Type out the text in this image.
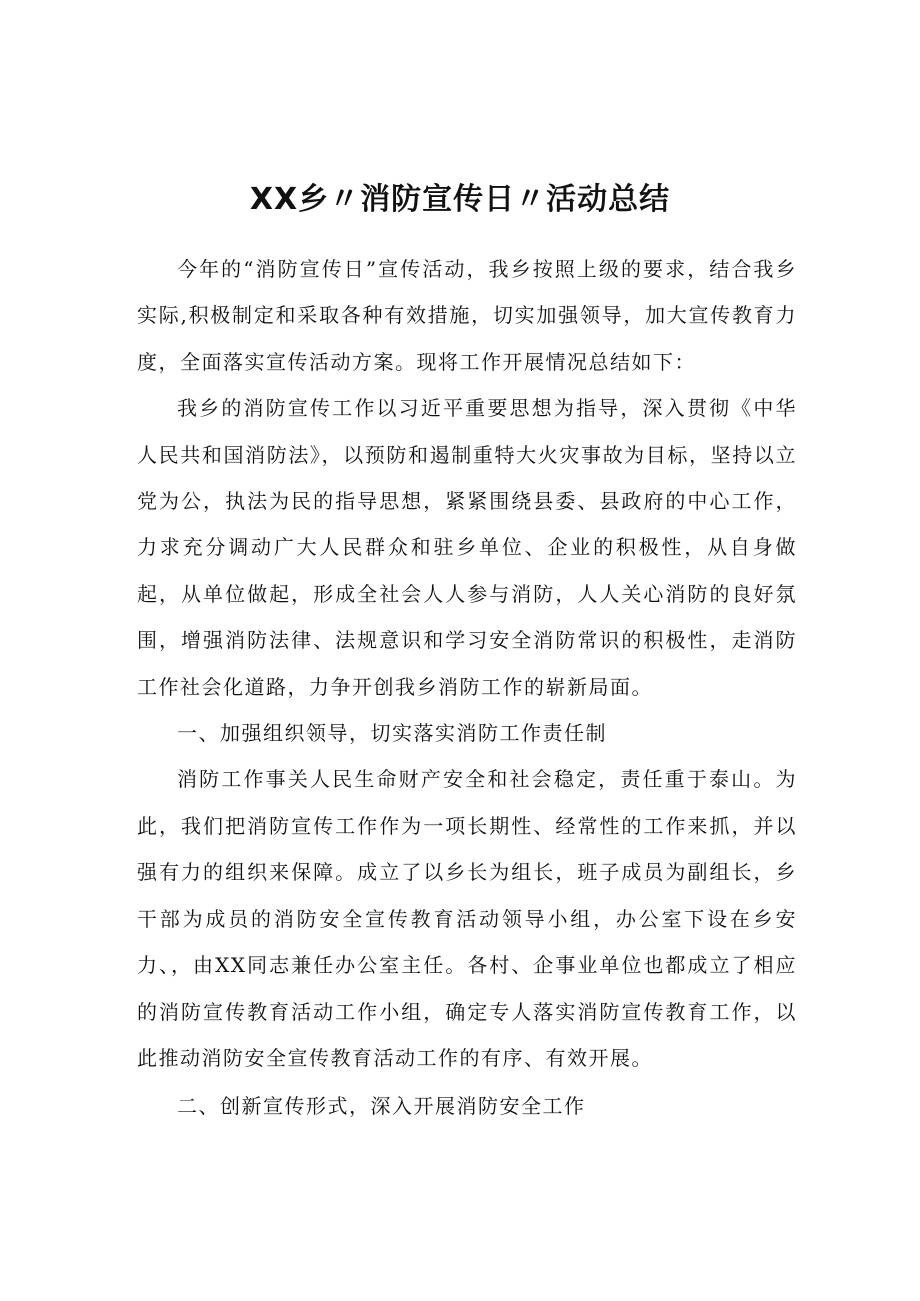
XX乡〃消防宣传日〃活动总结

今年的“消防宣传日”宣传活动，我乡按照上级的要求，结合我乡实际,积极制定和采取各种有效措施，切实加强领导，加大宣传教育力度，全面落实宣传活动方案。现将工作开展情况总结如下：

我乡的消防宣传工作以习近平重要思想为指导，深入贯彻《中华人民共和国消防法》，以预防和遏制重特大火灾事故为目标，坚持以立党为公，执法为民的指导思想，紧紧围绕县委、县政府的中心工作，力求充分调动广大人民群众和驻乡单位、企业的积极性，从自身做起，从单位做起，形成全社会人人参与消防，人人关心消防的良好氛围，增强消防法律、法规意识和学习安全消防常识的积极性，走消防工作社会化道路，力争开创我乡消防工作的崭新局面。

一、加强组织领导，切实落实消防工作责任制

消防工作事关人民生命财产安全和社会稳定，责任重于泰山。为此，我们把消防宣传工作作为一项长期性、经常性的工作来抓，并以强有力的组织来保障。成立了以乡长为组长，班子成员为副组长，乡干部为成员的消防安全宣传教育活动领导小组，办公室下设在乡安力、，由XX同志兼任办公室主任。各村、企事业单位也都成立了相应的消防宣传教育活动工作小组，确定专人落实消防宣传教育工作，以此推动消防安全宣传教育活动工作的有序、有效开展。

二、创新宣传形式，深入开展消防安全工作
